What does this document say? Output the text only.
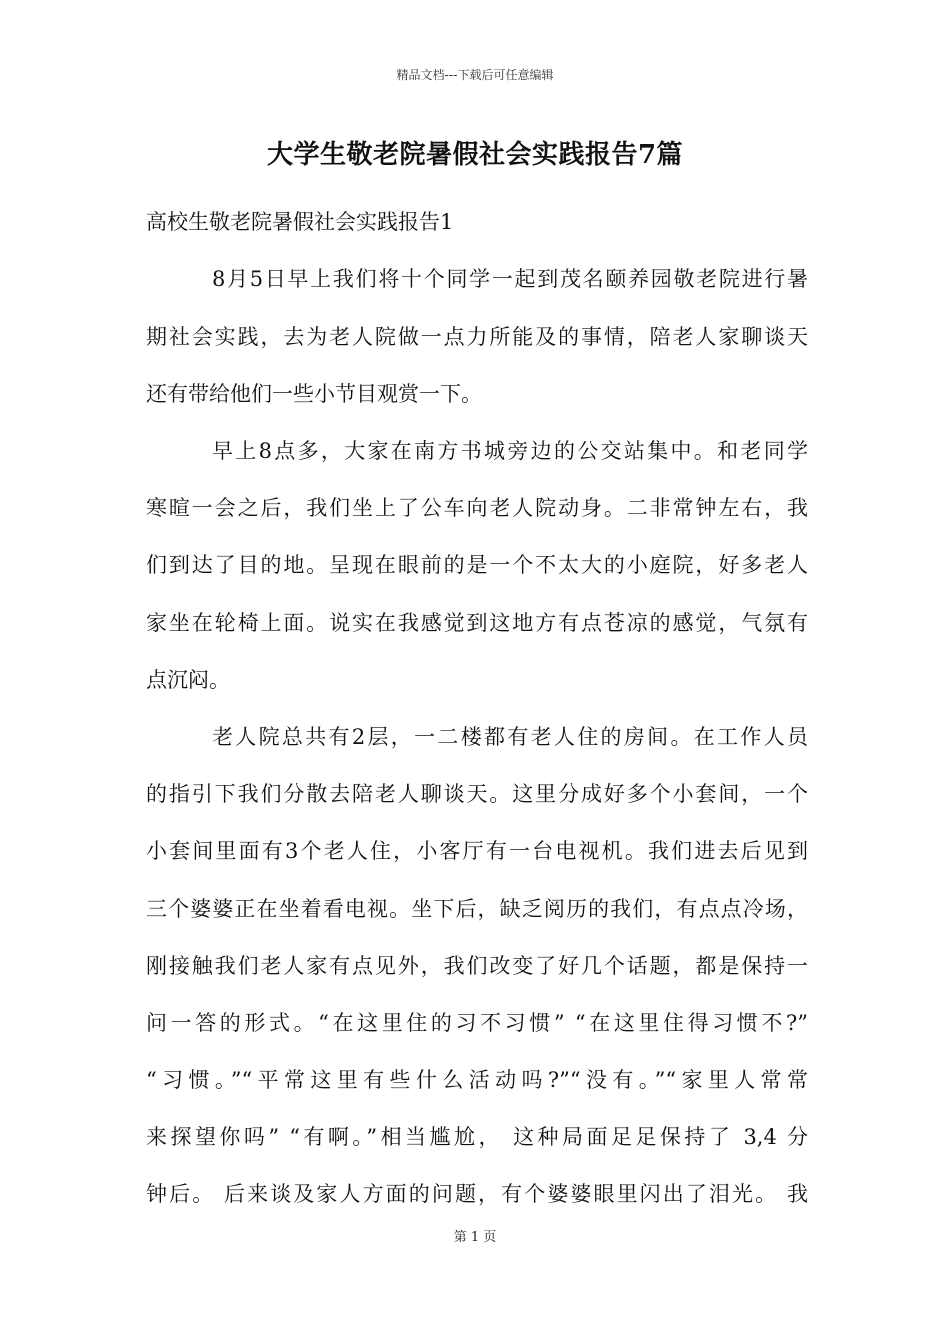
精品文档---下载后可任意编辑
大学生敬老院暑假社会实践报告7篇
高校生敬老院暑假社会实践报告1
8月5日早上我们将十个同学一起到茂名颐养园敬老院进行暑
期社会实践，去为老人院做一点力所能及的事情，陪老人家聊谈天
还有带给他们一些小节目观赏一下。
早上8点多，大家在南方书城旁边的公交站集中。和老同学
寒暄一会之后，我们坐上了公车向老人院动身。二非常钟左右，我
们到达了目的地。呈现在眼前的是一个不太大的小庭院，好多老人
家坐在轮椅上面。说实在我感觉到这地方有点苍凉的感觉，气氛有
点沉闷。
老人院总共有2层，一二楼都有老人住的房间。在工作人员
的指引下我们分散去陪老人聊谈天。这里分成好多个小套间，一个
小套间里面有3个老人住，小客厅有一台电视机。我们进去后见到
三个婆婆正在坐着看电视。坐下后，缺乏阅历的我们，有点点冷场，
刚接触我们老人家有点见外，我们改变了好几个话题，都是保持一
问一答的形式。“在这里住的习不习惯” “在这里住得习惯不?”
“习惯。”“平常这里有些什么活动吗?”“没有。”“家里人常常
来探望你吗” “有啊。”相当尴尬， 这种局面足足保持了 3,4 分
钟后。 后来谈及家人方面的问题，有个婆婆眼里闪出了泪光。 我
第 1 页
